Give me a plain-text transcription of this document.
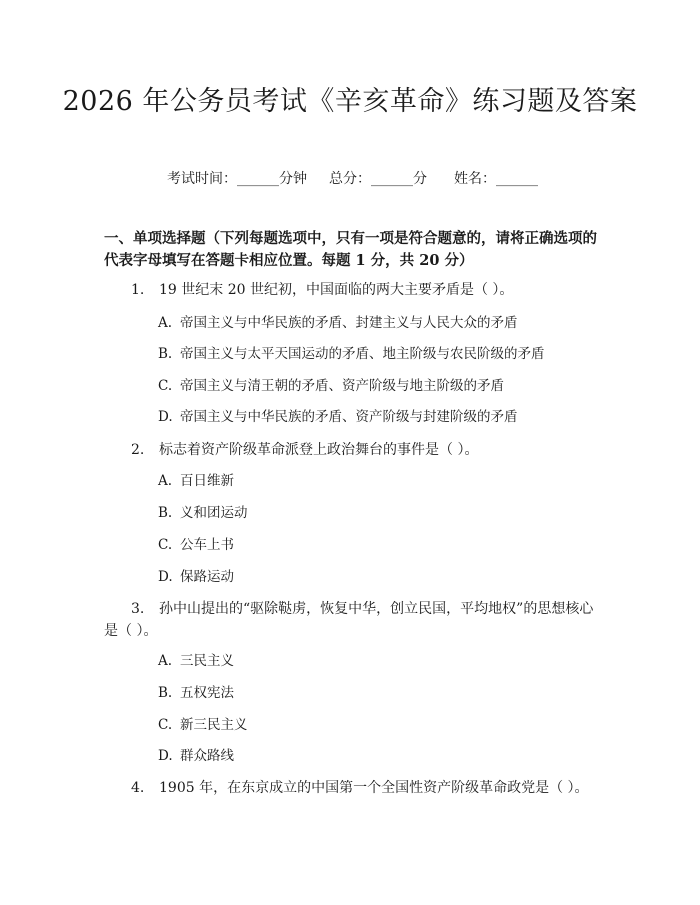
2026 年公务员考试《辛亥革命》练习题及答案
考试时间：______分钟 总分：______分 姓名：______
一、单项选择题（下列每题选项中，只有一项是符合题意的，请将正确选项的代表字母填写在答题卡相应位置。每题 1 分，共 20 分）
1. 19 世纪末 20 世纪初，中国面临的两大主要矛盾是（ ）。
A. 帝国主义与中华民族的矛盾、封建主义与人民大众的矛盾
B. 帝国主义与太平天国运动的矛盾、地主阶级与农民阶级的矛盾
C. 帝国主义与清王朝的矛盾、资产阶级与地主阶级的矛盾
D. 帝国主义与中华民族的矛盾、资产阶级与封建阶级的矛盾
2. 标志着资产阶级革命派登上政治舞台的事件是（ ）。
A. 百日维新
B. 义和团运动
C. 公车上书
D. 保路运动
3.	孙中山提出的“驱除鞑虏，恢复中华，创立民国，平均地权”的思想核心是（ ）。
A. 三民主义
B. 五权宪法
C. 新三民主义
D. 群众路线
4. 1905 年，在东京成立的中国第一个全国性资产阶级革命政党是（ ）。
